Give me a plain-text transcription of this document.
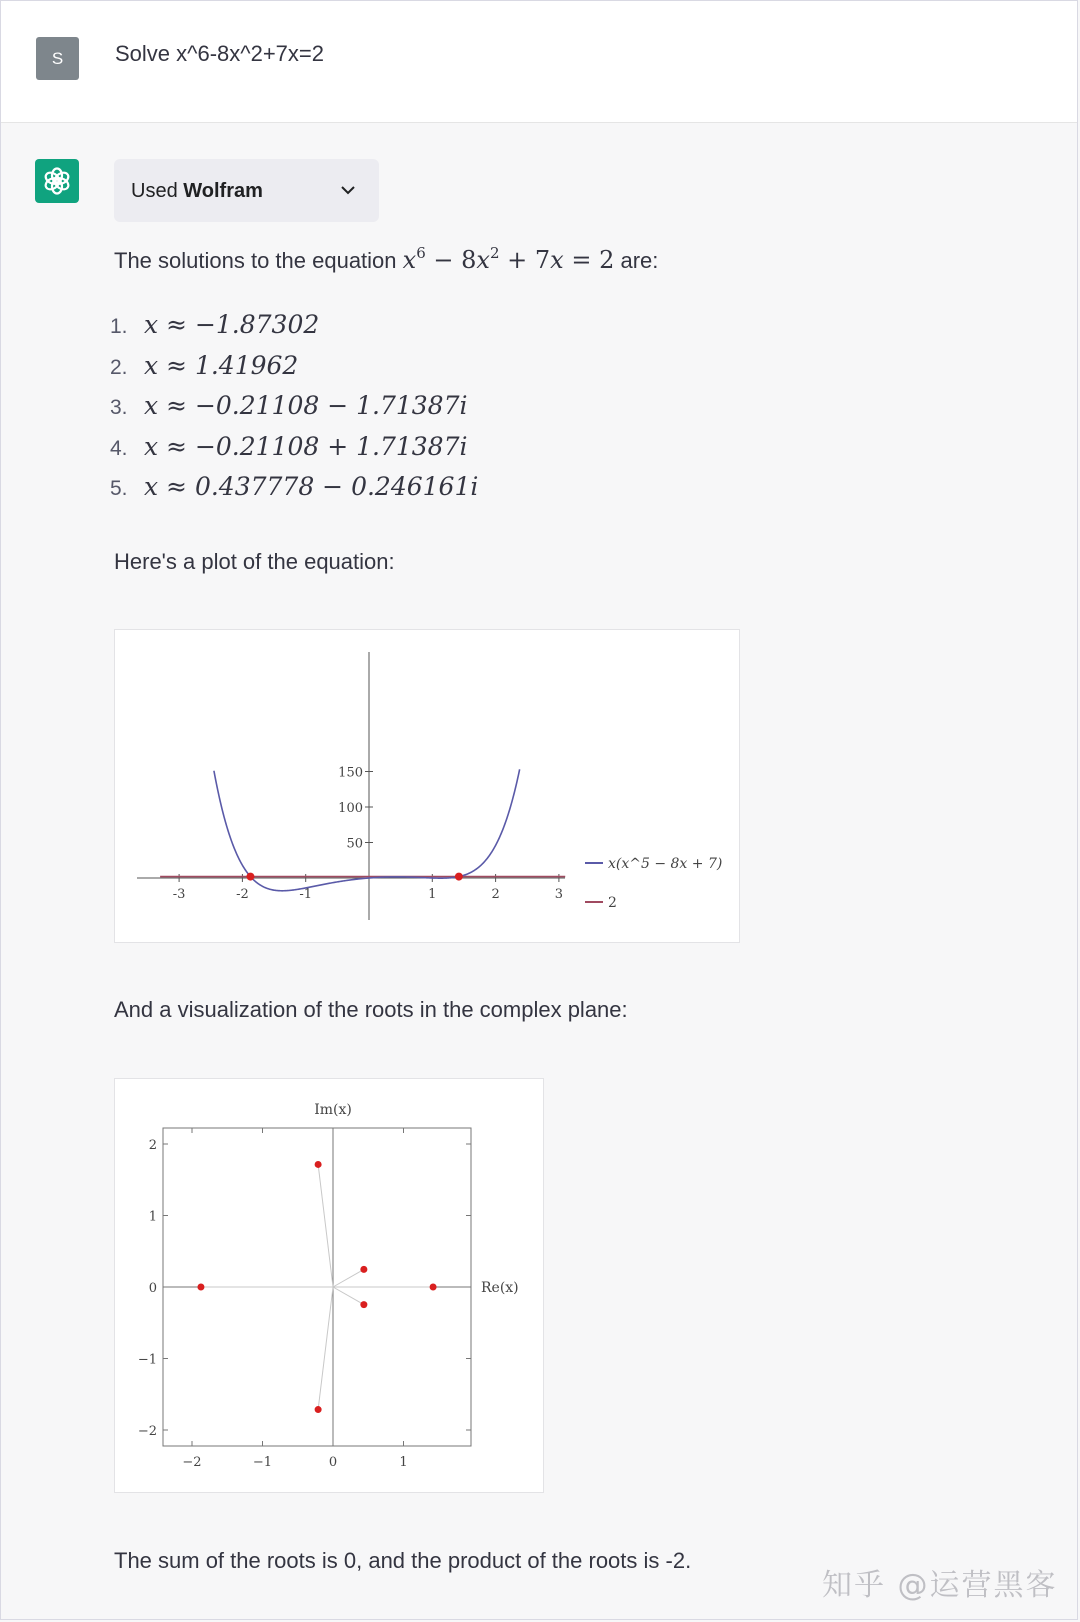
S	Solve x^6-8x^2+7x=2
Used Wolfram
The solutions to the equation $x^6 - 8x^2 + 7x = 2$ are:
1. x ≈ −1.87302
2. x ≈ 1.41962
3. x ≈ −0.21108 − 1.71387i
4. x ≈ −0.21108 + 1.71387i
5. x ≈ 0.437778 − 0.246161i
Here's a plot of the equation:
-3	-2	-1	1	2	3
50
100
150
x(x^5 − 8x + 7)
2
And a visualization of the roots in the complex plane:
−2	−1	0	1
2
1
0
−1
−2
Im(x)
Re(x)
The sum of the roots is 0, and the product of the roots is -2.
知乎 @运营黑客
